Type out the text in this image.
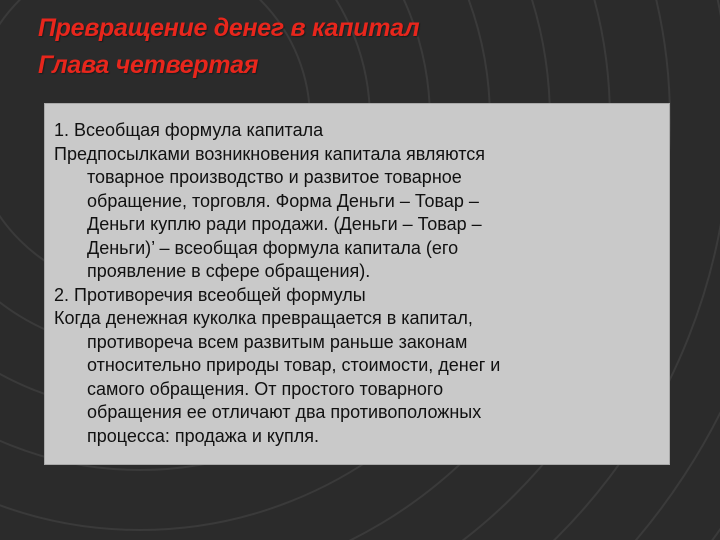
Превращение денег в капитал
Глава четвертая

1. Всеобщая формула капитала

Предпосылками возникновения капитала являются

товарное производство и развитое товарное

обращение, торговля. Форма Деньги – Товар –

Деньги куплю ради продажи. (Деньги – Товар –

Деньги)’ – всеобщая формула капитала (его

проявление в сфере обращения).

2. Противоречия всеобщей формулы

Когда денежная куколка превращается в капитал,

противореча всем развитым раньше законам

относительно природы товар, стоимости, денег и

самого обращения. От простого товарного

обращения ее отличают два противоположных

процесса: продажа и купля.
